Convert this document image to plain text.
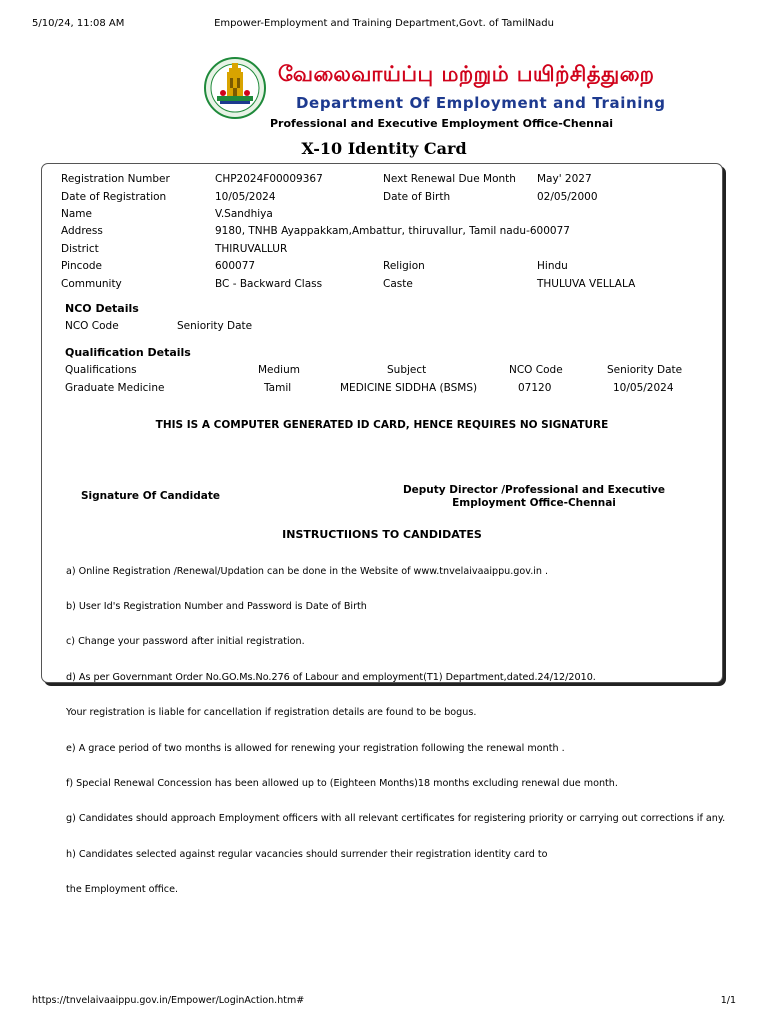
5/10/24, 11:08 AM	Empower-Employment and Training Department,Govt. of TamilNadu
வேலைவாய்ப்பு மற்றும் பயிற்சித்துறை
Department Of Employment and Training
Professional and Executive Employment Office-Chennai
X-10 Identity Card
Registration Number	CHP2024F00009367	Next Renewal Due Month May' 2027
Date of Registration	10/05/2024	Date of Birth	02/05/2000
Name	V.Sandhiya
Address	9180, TNHB Ayappakkam,Ambattur, thiruvallur, Tamil nadu-600077
District	THIRUVALLUR
Pincode	600077	Religion	Hindu
Community	BC - Backward Class	Caste	THULUVA VELLALA
NCO Details
NCO Code	Seniority Date
Qualification Details
Qualifications	Medium	Subject	NCO Code	Seniority Date
Graduate Medicine	Tamil	MEDICINE SIDDHA (BSMS)	07120	10/05/2024
THIS IS A COMPUTER GENERATED ID CARD, HENCE REQUIRES NO SIGNATURE
Signature Of Candidate	Deputy Director /Professional and Executive
Employment Office-Chennai
INSTRUCTIIONS TO CANDIDATES

a) Online Registration /Renewal/Updation can be done in the Website of www.tnvelaivaaippu.gov.in .

b) User Id's Registration Number and Password is Date of Birth

c) Change your password after initial registration.

d) As per Governmant Order No.GO.Ms.No.276 of Labour and employment(T1) Department,dated.24/12/2010.

Your registration is liable for cancellation if registration details are found to be bogus.

e) A grace period of two months is allowed for renewing your registration following the renewal month .

f) Special Renewal Concession has been allowed up to (Eighteen Months)18 months excluding renewal due month.

g) Candidates should approach Employment officers with all relevant certificates for registering priority or carrying out corrections if any.

h) Candidates selected against regular vacancies should surrender their registration identity card to

the Employment office.

https://tnvelaivaaippu.gov.in/Empower/LoginAction.htm#	1/1
